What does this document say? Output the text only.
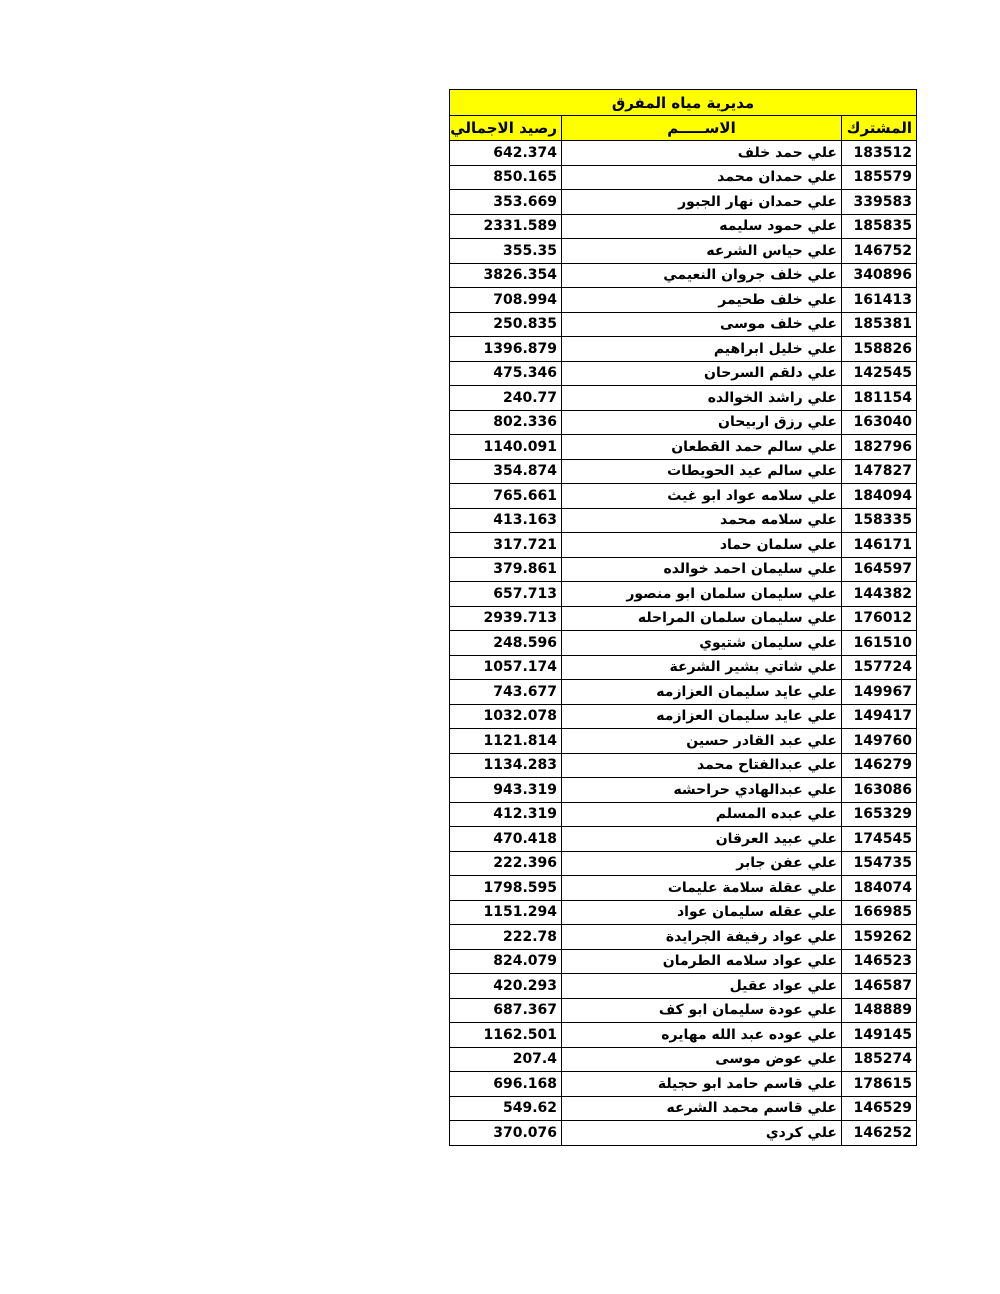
مديرية مياه المفرق		
المشترك	الاســـــم	رصيد الاجمالي
183512	علي حمد خلف	642.374
185579	علي حمدان محمد	850.165
339583	علي حمدان نهار الجبور	353.669
185835	علي حمود سليمه	2331.589
146752	علي حياس الشرعه	355.35
340896	علي خلف جروان النعيمي	3826.354
161413	علي خلف طحيمر	708.994
185381	علي خلف موسى	250.835
158826	علي خليل ابراهيم	1396.879
142545	علي دلقم السرحان	475.346
181154	علي راشد الخوالده	240.77
163040	علي رزق اربيحان	802.336
182796	علي سالم حمد القطعان	1140.091
147827	علي سالم عيد الحويطات	354.874
184094	علي سلامه عواد ابو غيث	765.661
158335	علي سلامه محمد	413.163
146171	علي سلمان حماد	317.721
164597	علي سليمان احمد خوالده	379.861
144382	علي سليمان سلمان ابو منصور	657.713
176012	علي سليمان سلمان المراحله	2939.713
161510	علي سليمان شتيوي	248.596
157724	علي شاتي بشير الشرعة	1057.174
149967	علي عايد سليمان العزازمه	743.677
149417	علي عايد سليمان العزازمه	1032.078
149760	علي عبد القادر حسين	1121.814
146279	علي عبدالفتاح محمد	1134.283
163086	علي عبدالهادي حراحشه	943.319
165329	علي عبده المسلم	412.319
174545	علي عبيد العرقان	470.418
154735	علي عفن جابر	222.396
184074	علي عقلة سلامة عليمات	1798.595
166985	علي عقله سليمان عواد	1151.294
159262	علي عواد رفيفة الجرايدة	222.78
146523	علي عواد سلامه الطرمان	824.079
146587	علي عواد عقيل	420.293
148889	علي عودة سليمان ابو كف	687.367
149145	علي عوده عبد الله مهايره	1162.501
185274	علي عوض موسى	207.4
178615	علي قاسم حامد ابو حجيلة	696.168
146529	علي قاسم محمد الشرعه	549.62
146252	علي كردي	370.076
